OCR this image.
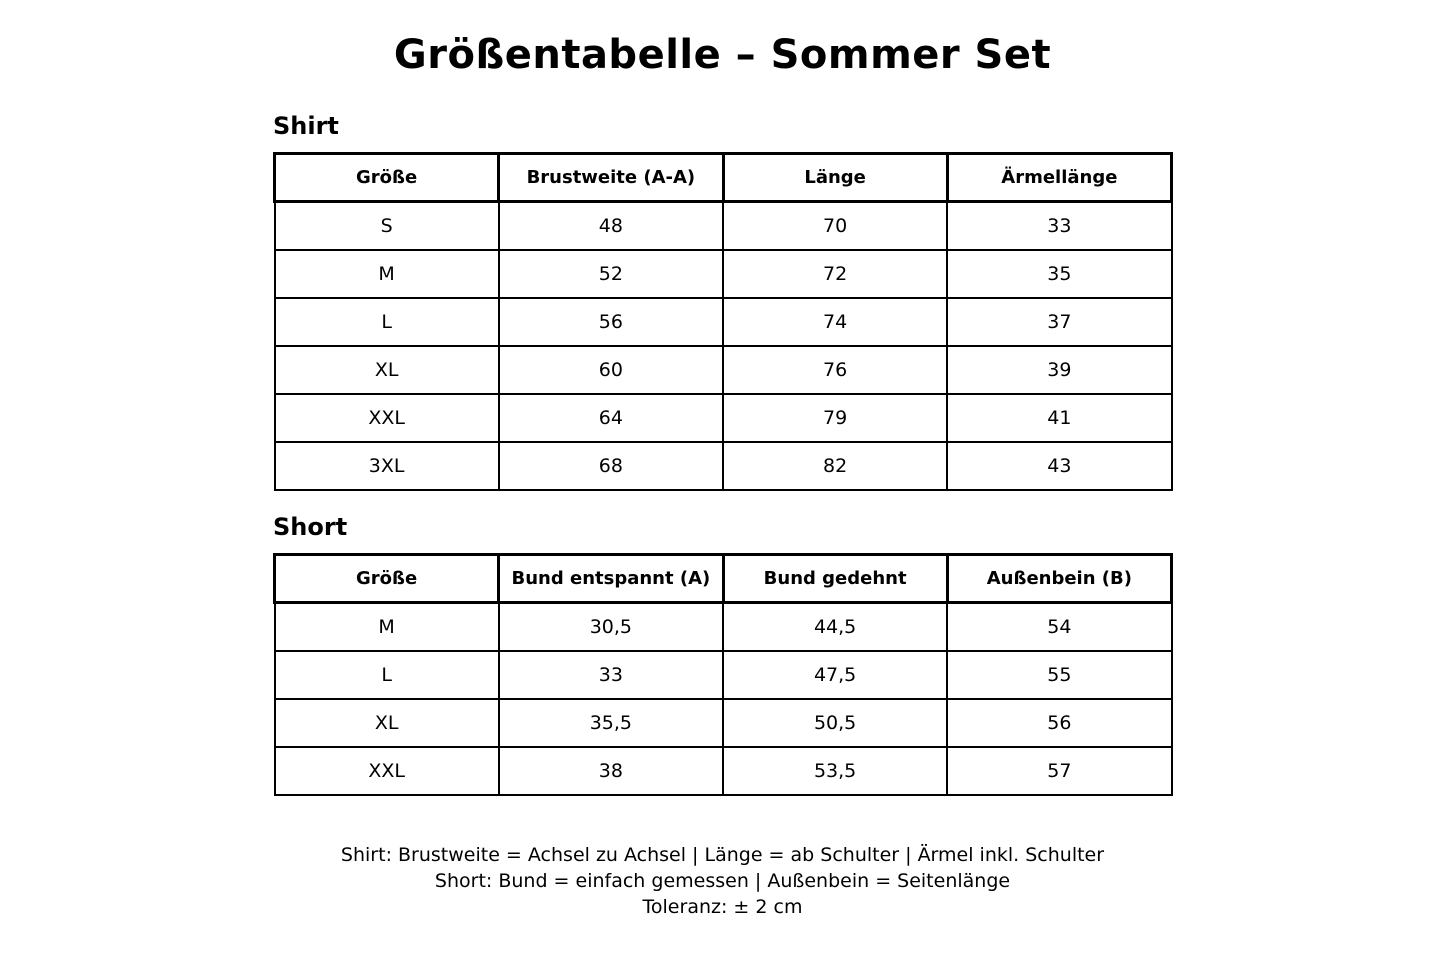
Größentabelle – Sommer Set
Shirt
Größe	Brustweite (A-A)	Länge	Ärmellänge
S	48	70	33
M	52	72	35
L	56	74	37
XL	60	76	39
XXL	64	79	41
3XL	68	82	43
Short
Größe	Bund entspannt (A)	Bund gedehnt	Außenbein (B)
M	30,5	44,5	54
L	33	47,5	55
XL	35,5	50,5	56
XXL	38	53,5	57
Shirt: Brustweite = Achsel zu Achsel | Länge = ab Schulter | Ärmel inkl. Schulter
Short: Bund = einfach gemessen | Außenbein = Seitenlänge
Toleranz: ± 2 cm
